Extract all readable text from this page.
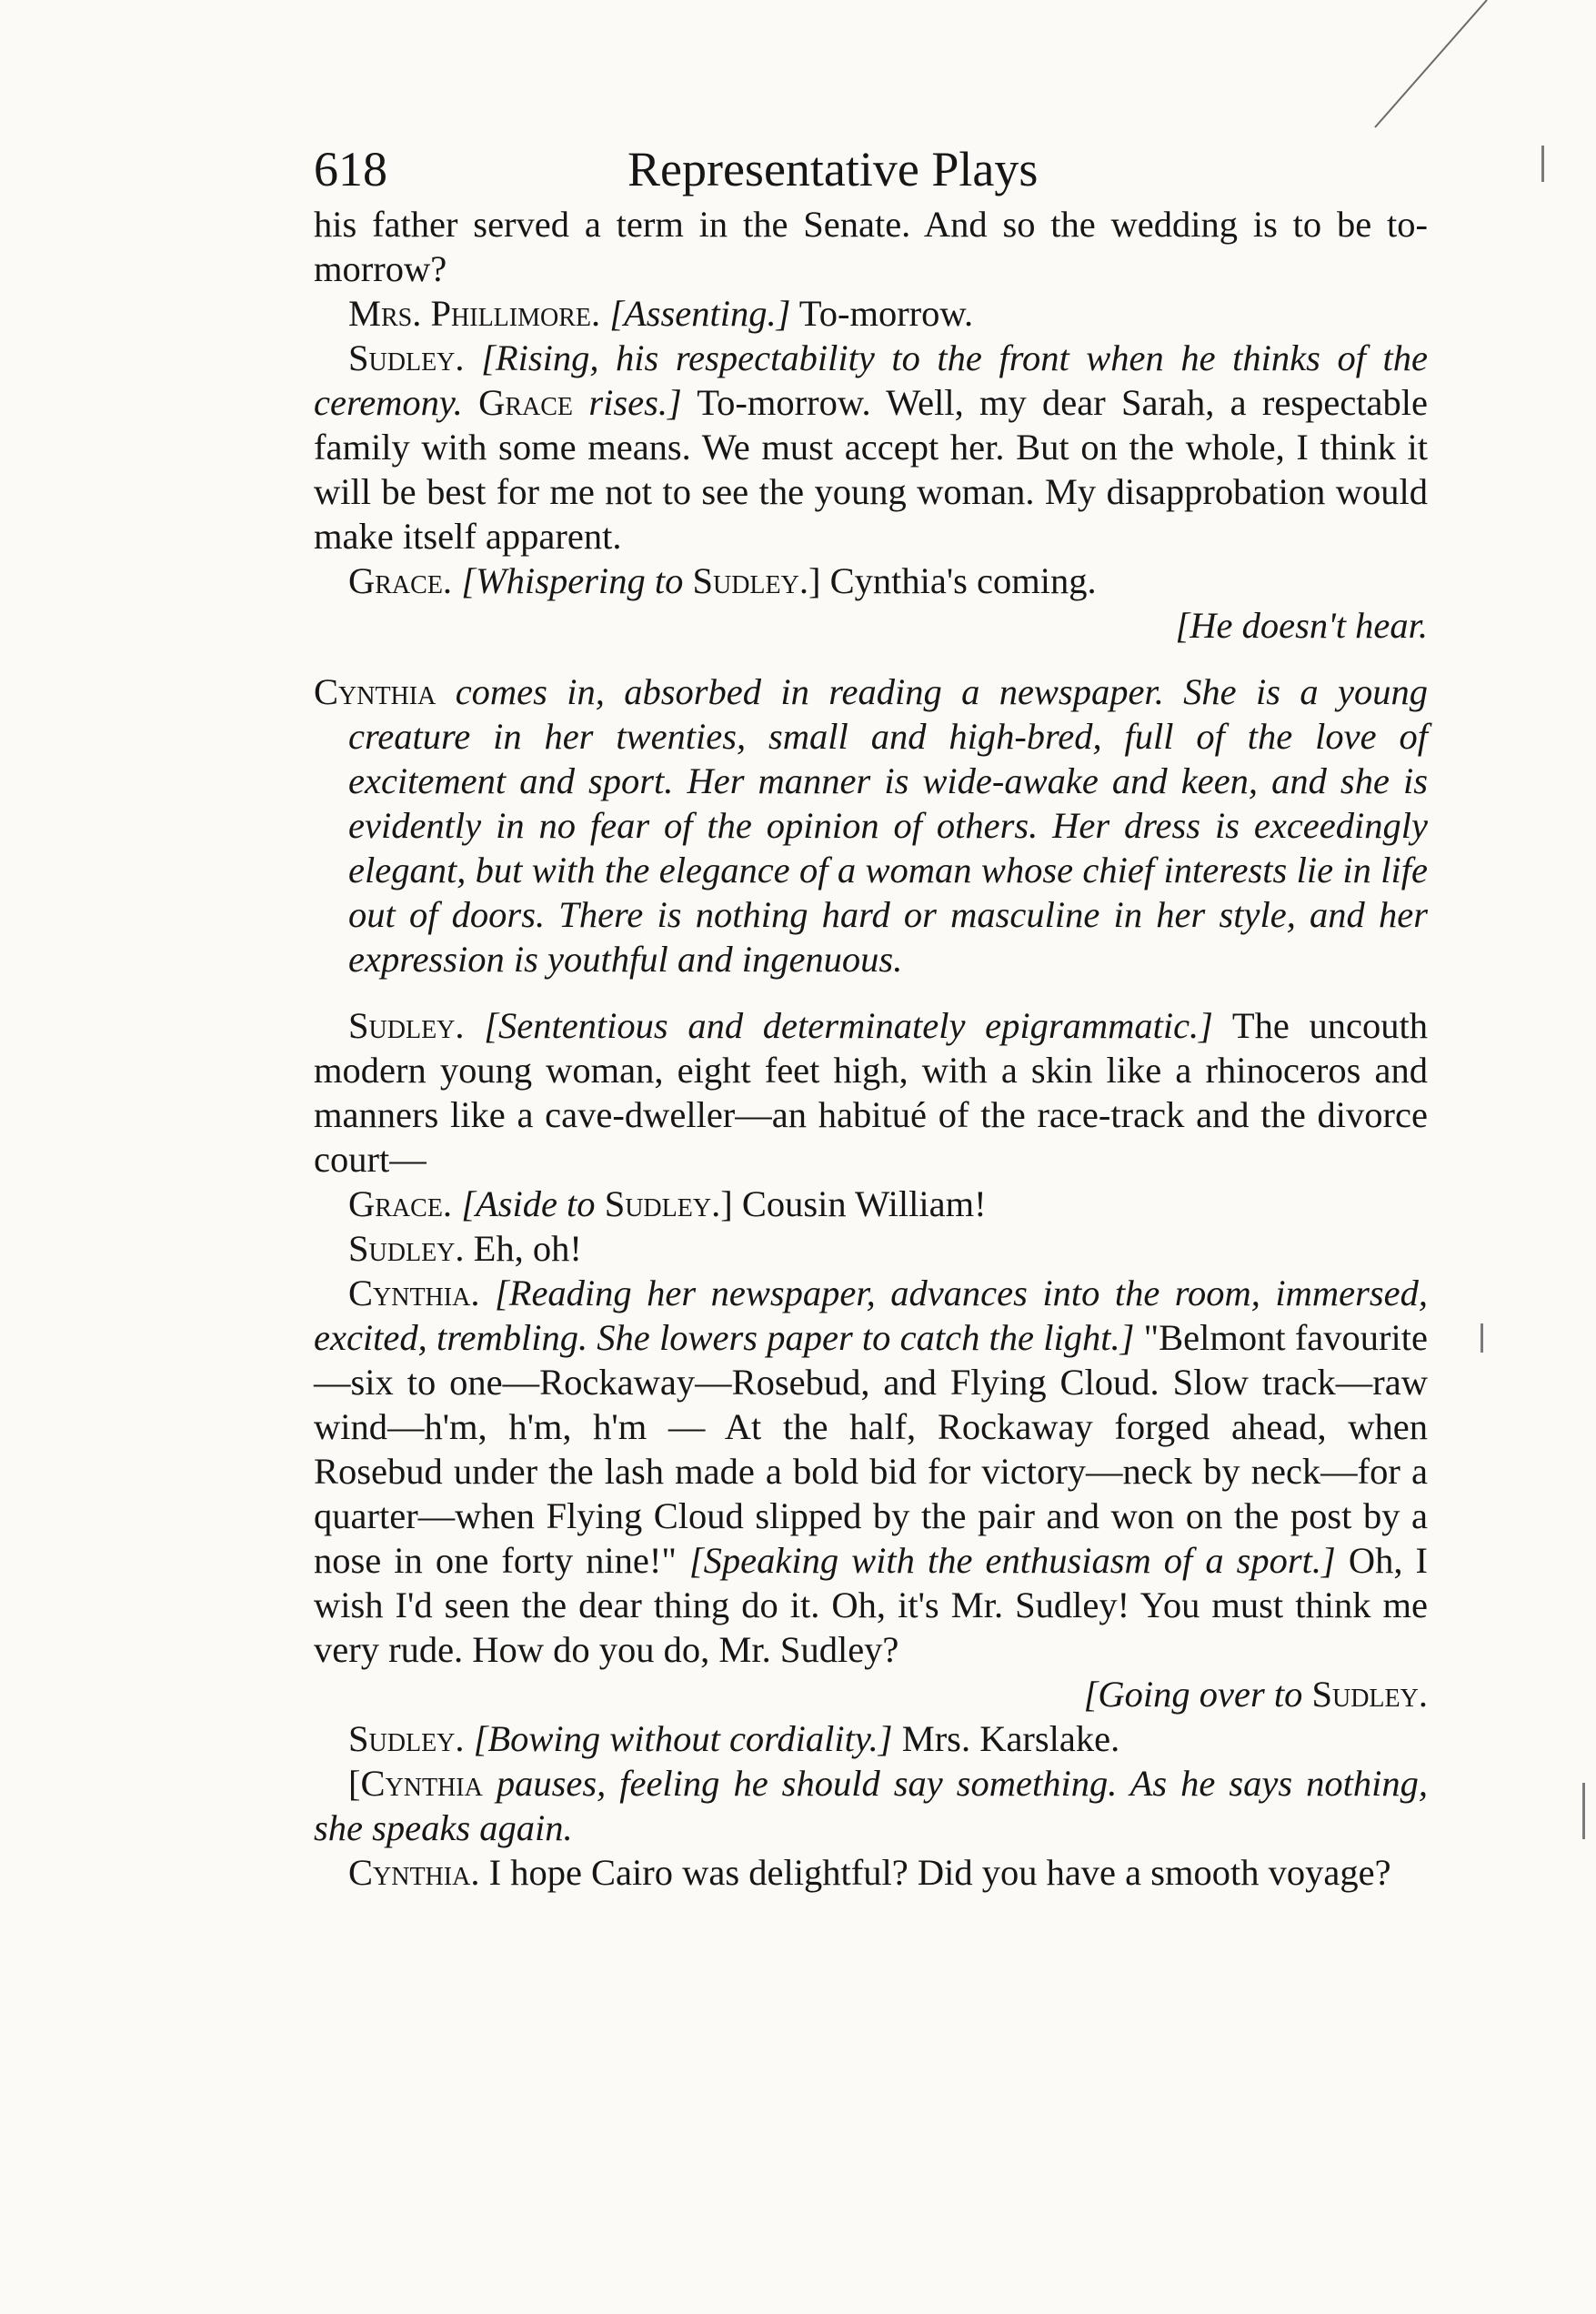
618	Representative Plays

his father served a term in the Senate. And so the wedding is to be to-morrow?

Mrs. Phillimore. [Assenting.] To-morrow.

Sudley. [Rising, his respectability to the front when he thinks of the ceremony. Grace rises.] To-morrow. Well, my dear Sarah, a respectable family with some means. We must accept her. But on the whole, I think it will be best for me not to see the young woman. My disapprobation would make itself apparent.

Grace. [Whispering to Sudley.] Cynthia's coming.

[He doesn't hear.

Cynthia comes in, absorbed in reading a newspaper. She is a young creature in her twenties, small and high-bred, full of the love of excitement and sport. Her manner is wide-awake and keen, and she is evidently in no fear of the opinion of others. Her dress is exceedingly elegant, but with the elegance of a woman whose chief interests lie in life out of doors. There is nothing hard or masculine in her style, and her expression is youthful and ingenuous.

Sudley. [Sententious and determinately epigrammatic.] The uncouth modern young woman, eight feet high, with a skin like a rhinoceros and manners like a cave-dweller—an habitué of the race-track and the divorce court—

Grace. [Aside to Sudley.] Cousin William!

Sudley. Eh, oh!

Cynthia. [Reading her newspaper, advances into the room, immersed, excited, trembling. She lowers paper to catch the light.] "Belmont favourite—six to one—Rockaway—Rosebud, and Flying Cloud. Slow track—raw wind—h'm, h'm, h'm — At the half, Rockaway forged ahead, when Rosebud under the lash made a bold bid for victory—neck by neck—for a quarter—when Flying Cloud slipped by the pair and won on the post by a nose in one forty nine!" [Speaking with the enthusiasm of a sport.] Oh, I wish I'd seen the dear thing do it. Oh, it's Mr. Sudley! You must think me very rude. How do you do, Mr. Sudley?

[Going over to Sudley.

Sudley. [Bowing without cordiality.] Mrs. Karslake.

[Cynthia pauses, feeling he should say something. As he says nothing, she speaks again.

Cynthia. I hope Cairo was delightful? Did you have a smooth voyage?
